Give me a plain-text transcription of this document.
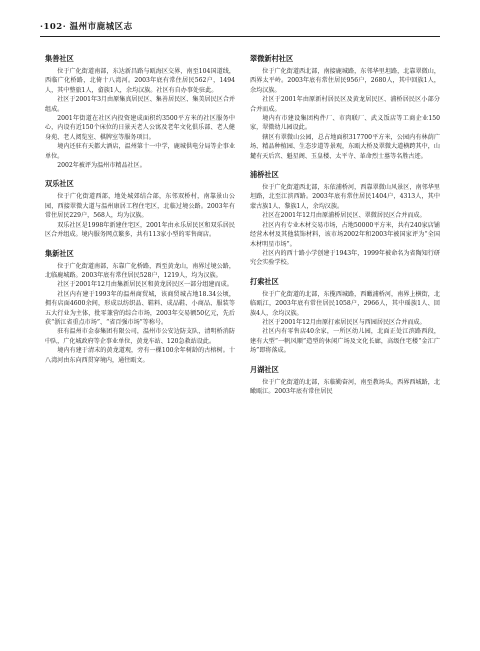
·102· 温州市鹿城区志
集善社区

位于广化街道南部，东达新昌路与瓯海区交界，南至104国道线，西临广化桥路，北倚十八湾河。2003年底有常住居民562户，1494人，其中整旅1人，畲族1人，余均汉族。社区有自办事处驻此。

社区于2001年3月由原集真居民区、集善居民区、集美居民区合并组成。

2001年街道在社区内投资建成面积约3500平方米的社区服务中心，内设有近150个床位的日景天老人公寓及老年文化俱乐部、老人健身苑、老人阅览室、棋牌室等服务项目。

境内还驻有天都大酒店，温州第十一中学，鹿城供电分局等企事业单位。

2002年被评为温州市精品社区。

双乐社区

位于广化街道西部，地处城郊结合部，东邻双桥村，南靠景山公园，西接翠微大道与温州康居工程住宅区，北临过境公路。2003年有常住居民229户，568人，均为汉族。

双乐社区是1998年新建住宅区，2001年由永乐居民区和双乐居民区合并组成。境内服务网点繁多，共有113家小型的零售商店。

集新社区

位于广化街道南部，东靠广化桥路，西至黄龙山，南界过境公路，北临鹿城路。2003年底有常住居民528户，1219人，均为汉族。

社区于2001年12月由集新居民区和黄龙居民区一部分组建而成。

社区内有建于1993年的温州商贸城，该商贸城占地18.34公顷，拥有店面4600余间，形成以纺织品、鞋料、成品鞋、小商品、服装等五大行业为主体，批零兼营的综合市场，2003年交易额50亿元，先后获“浙江省重点市场”、“省百强市场”等称号。

驻有温州市金泰集团有限公司，温州市公安边防支队，清明桥消防中队，广化城政府等企事业单位，黄龙车站、120急救站设此。

境内有建于清末的黄龙道观，旁有一棵100余年树龄的古榕树。十八湾河由东向西贯穿境内，通往瓯文。

翠微新村社区

位于广化街道西北部，南接鹿城路，东邻华里坦路，北靠翠微山，西界太平岭。2003年底有常住居民956户，2680人，其中回族1人，余均汉族。

社区于2001年由原新村居民区及黄龙居民区、浦桥居民区小部分合并而成。

境内有市建设集团构件厂、市肉联厂、武义饭店等工商企业150家，翠微幼儿园设此。

辖区有翠微山公园，总占地面积317700平方米，公园内有林荫广场、精品种植园、生态步道等景观，东瓯大桥及翠微大道横跨其中，山麓有天后宫、魁星阁、玉皇楼、太平寺、革命烈士墓等名胜古迹。

浦桥社区

位于广化街道西北部，东依浦桥河，西靠翠微山风景区，南邻华里坦路，北至江滨西路。2003年底有常住居民1404户，4313人，其中蒙古族1人、黎族1人，余均汉族。

社区在2001年12月由原浦桥居民区、翠微居民区合并而成。

社区内有专业木材交易市场，占地50000平方米，共有240家店铺经营木材及其他装饰材料，该市场2002年和2003年被国家评为“全国木材明星市场”。

社区内的西十路小学创建于1943年，1999年被命名为省陶知行研究会实验学校。

打索社区

位于广化街道的北部，东揽西城路，西瞰浦桥河，南界上横街，北临瓯江，2003年底有常住居民1058户，2966人，其中瑶族1人、回族4人，余均汉族。

社区于2001年12月由原打索居民区与西园居民区合并而成。

社区内有零售店40余家，一所区幼儿园，北面正处江滨路西段，建有大型“一帆风顺”造型的休闲广场及文化长廊，高级住宅楼“金汇广场”即将落成。

月湖社区

位于广化街道的北部，东临勤奋河，南至教场头，西界西城路，北瞰瓯江。2003年底有常住居民
